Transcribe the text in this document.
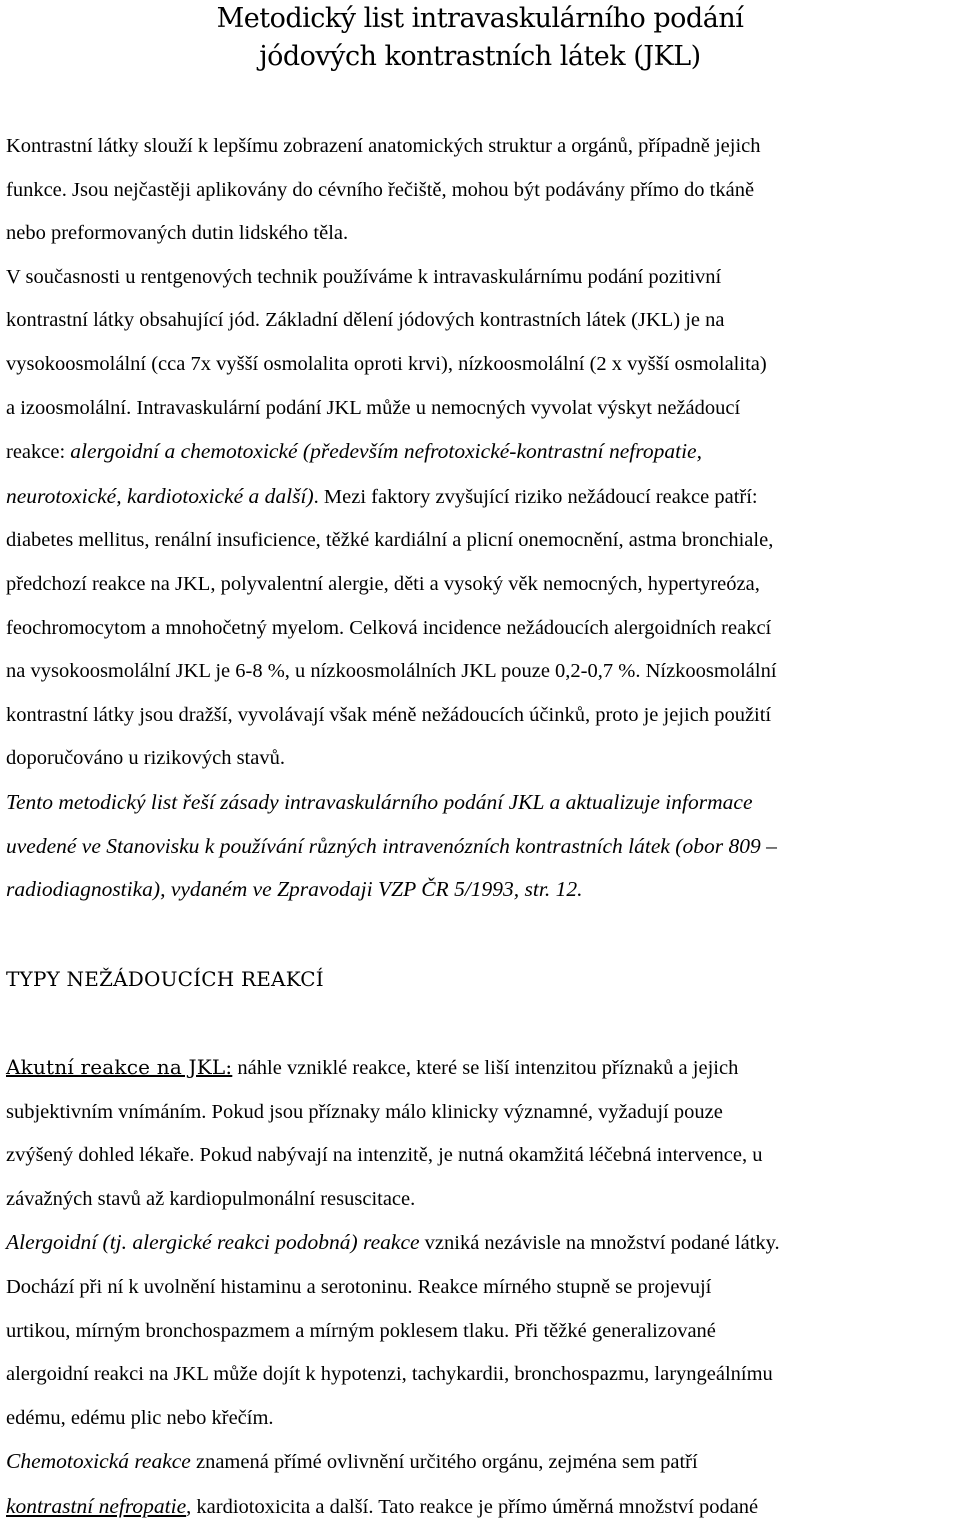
Metodický list intravaskulárního podání
jódových kontrastních látek (JKL)
Kontrastní látky slouží k lepšímu zobrazení anatomických struktur a orgánů, případně jejich
funkce. Jsou nejčastěji aplikovány do cévního řečiště, mohou být podávány přímo do tkáně
nebo preformovaných dutin lidského těla.
V současnosti u rentgenových technik používáme k intravaskulárnímu podání pozitivní
kontrastní látky obsahující jód. Základní dělení jódových kontrastních látek (JKL) je na
vysokoosmolální (cca 7x vyšší osmolalita oproti krvi), nízkoosmolální (2 x vyšší osmolalita)
a izoosmolální. Intravaskulární podání JKL může u nemocných vyvolat výskyt nežádoucí
reakce: alergoidní a chemotoxické (především nefrotoxické-kontrastní nefropatie,
neurotoxické, kardiotoxické a další). Mezi faktory zvyšující riziko nežádoucí reakce patří:
diabetes mellitus, renální insuficience, těžké kardiální a plicní onemocnění, astma bronchiale,
předchozí reakce na JKL, polyvalentní alergie, děti a vysoký věk nemocných, hypertyreóza,
feochromocytom a mnohočetný myelom. Celková incidence nežádoucích alergoidních reakcí
na vysokoosmolální JKL je 6-8 %, u nízkoosmolálních JKL pouze 0,2-0,7 %. Nízkoosmolální
kontrastní látky jsou dražší, vyvolávají však méně nežádoucích účinků, proto je jejich použití
doporučováno u rizikových stavů.
Tento metodický list řeší zásady intravaskulárního podání JKL a aktualizuje informace
uvedené ve Stanovisku k používání různých intravenózních kontrastních látek (obor 809 –
radiodiagnostika), vydaném ve Zpravodaji VZP ČR 5/1993, str. 12.
TYPY NEŽÁDOUCÍCH REAKCÍ
Akutní reakce na JKL: náhle vzniklé reakce, které se liší intenzitou příznaků a jejich
subjektivním vnímáním. Pokud jsou příznaky málo klinicky významné, vyžadují pouze
zvýšený dohled lékaře. Pokud nabývají na intenzitě, je nutná okamžitá léčebná intervence, u
závažných stavů až kardiopulmonální resuscitace.
Alergoidní (tj. alergické reakci podobná) reakce vzniká nezávisle na množství podané látky.
Dochází při ní k uvolnění histaminu a serotoninu. Reakce mírného stupně se projevují
urtikou, mírným bronchospazmem a mírným poklesem tlaku. Při těžké generalizované
alergoidní reakci na JKL může dojít k hypotenzi, tachykardii, bronchospazmu, laryngeálnímu
edému, edému plic nebo křečím.
Chemotoxická reakce znamená přímé ovlivnění určitého orgánu, zejména sem patří
kontrastní nefropatie, kardiotoxicita a další. Tato reakce je přímo úměrná množství podané
